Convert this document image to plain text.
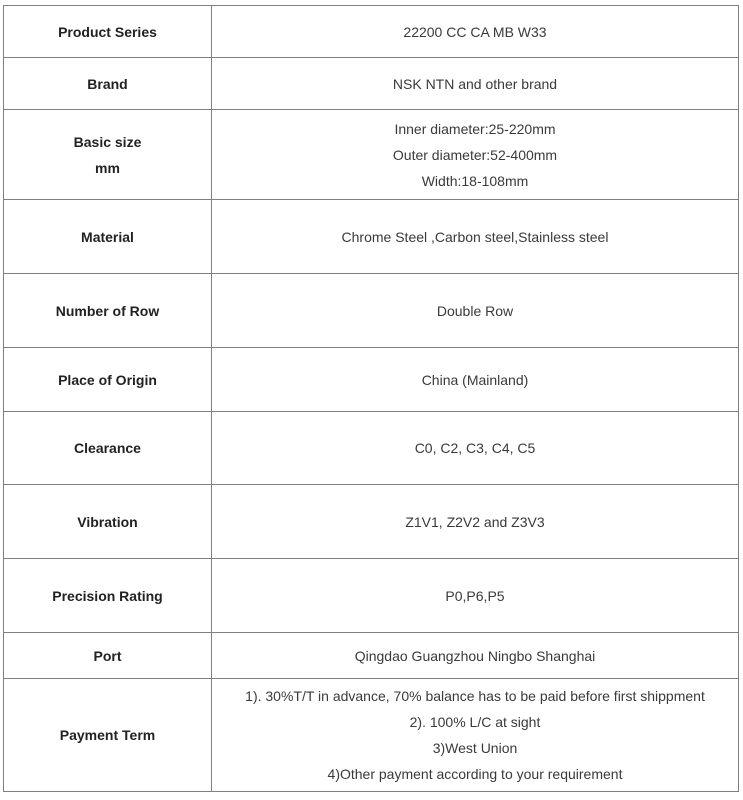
Product Series	22200 CC CA MB W33

Brand	NSK NTN and other brand

Basic size
mm	Inner diameter:25-220mm
Outer diameter:52-400mm
Width:18-108mm

Material	Chrome Steel ,Carbon steel,Stainless steel

Number of Row	Double Row

Place of Origin	China (Mainland)

Clearance	C0, C2, C3, C4, C5

Vibration	Z1V1, Z2V2 and Z3V3

Precision Rating	P0,P6,P5

Port	Qingdao Guangzhou Ningbo Shanghai

Payment Term	1). 30%T/T in advance, 70% balance has to be paid before first shippment
2). 100% L/C at sight
3)West Union
4)Other payment according to your requirement
